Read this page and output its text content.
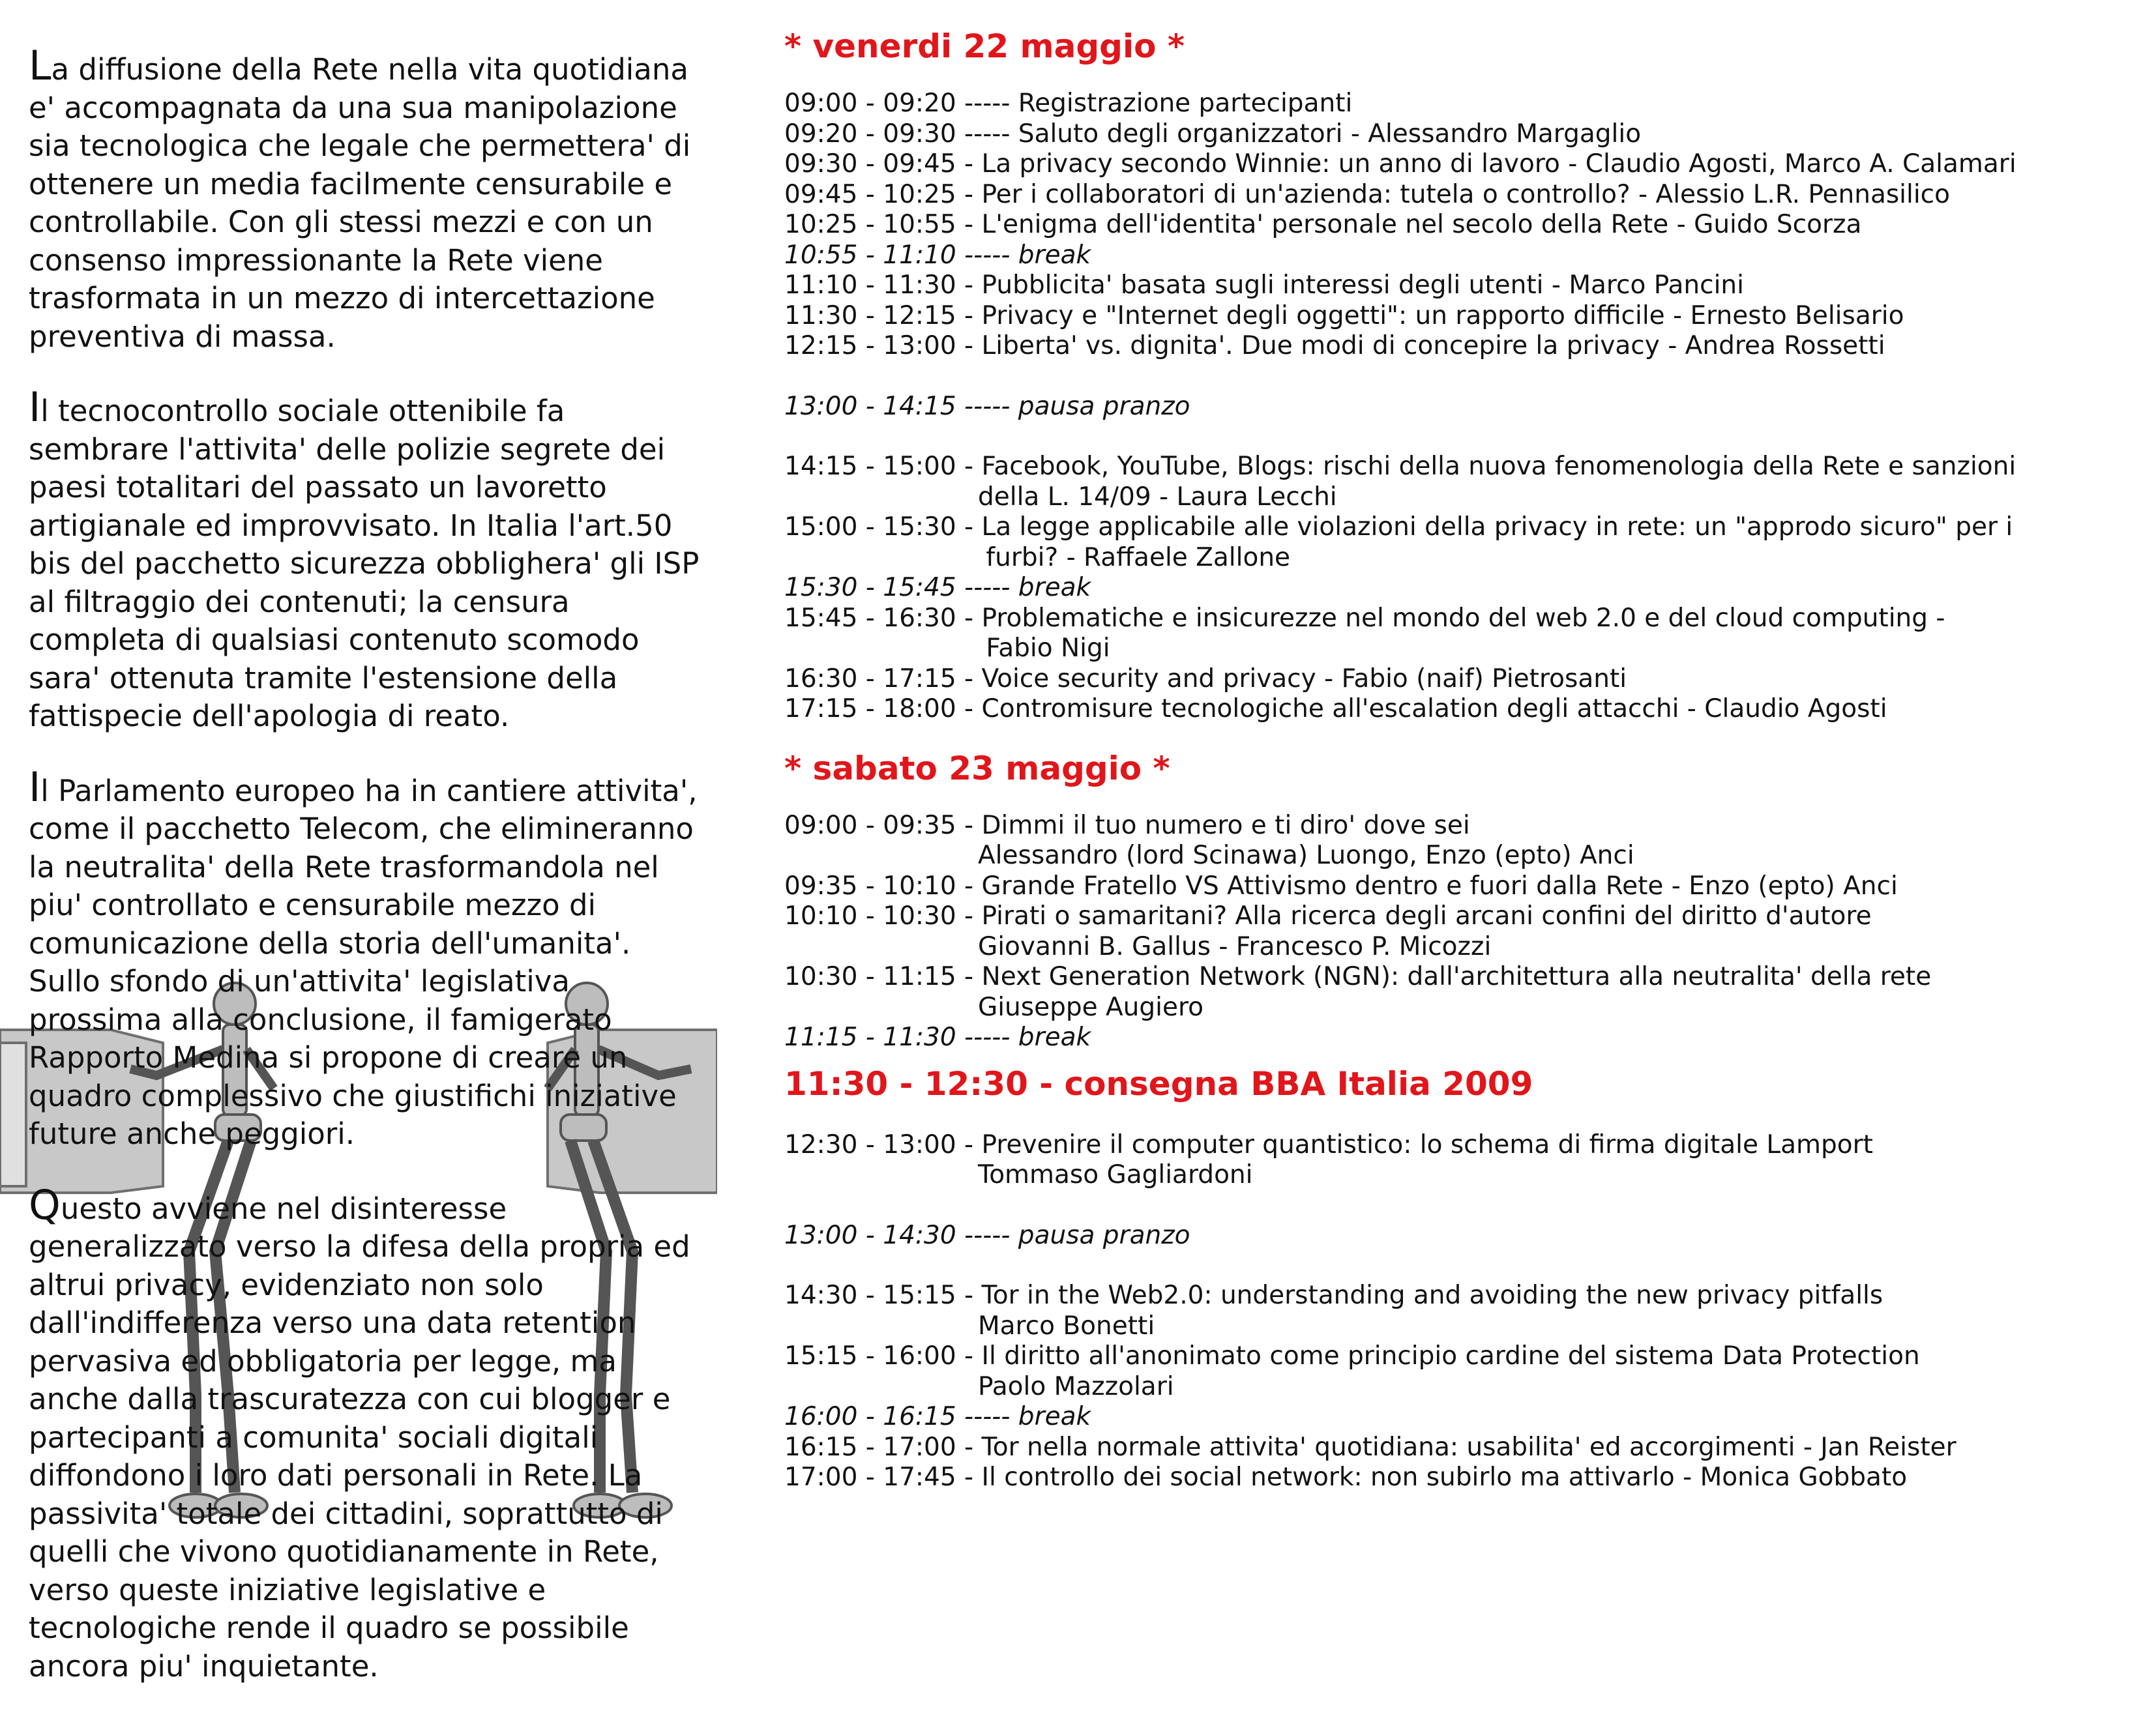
La diffusione della Rete nella vita quotidiana e' accompagnata da una sua manipolazione sia tecnologica che legale che permettera' di ottenere un media facilmente censurabile e controllabile. Con gli stessi mezzi e con un consenso impressionante la Rete viene trasformata in un mezzo di intercettazione preventiva di massa.

Il tecnocontrollo sociale ottenibile fa sembrare l'attivita' delle polizie segrete dei paesi totalitari del passato un lavoretto artigianale ed improvvisato. In Italia l'art.50 bis del pacchetto sicurezza obblighera' gli ISP al filtraggio dei contenuti; la censura completa di qualsiasi contenuto scomodo sara' ottenuta tramite l'estensione della fattispecie dell'apologia di reato.

Il Parlamento europeo ha in cantiere attivita', come il pacchetto Telecom, che elimineranno la neutralita' della Rete trasformandola nel piu' controllato e censurabile mezzo di comunicazione della storia dell'umanita'. Sullo sfondo di un'attivita' legislativa prossima alla conclusione, il famigerato Rapporto Medina si propone di creare un quadro complessivo che giustifichi iniziative future anche peggiori.

Questo avviene nel disinteresse generalizzato verso la difesa della propria ed altrui privacy, evidenziato non solo dall'indifferenza verso una data retention pervasiva ed obbligatoria per legge, ma anche dalla trascuratezza con cui blogger e partecipanti a comunita' sociali digitali diffondono i loro dati personali in Rete. La passivita' totale dei cittadini, soprattutto di quelli che vivono quotidianamente in Rete, verso queste iniziative legislative e tecnologiche rende il quadro se possibile ancora piu' inquietante.

* venerdi 22 maggio *
09:00 - 09:20 ----- Registrazione partecipanti
09:20 - 09:30 ----- Saluto degli organizzatori - Alessandro Margaglio
09:30 - 09:45 - La privacy secondo Winnie: un anno di lavoro - Claudio Agosti, Marco A. Calamari
09:45 - 10:25 - Per i collaboratori di un'azienda: tutela o controllo? - Alessio L.R. Pennasilico
10:25 - 10:55 - L'enigma dell'identita' personale nel secolo della Rete - Guido Scorza
10:55 - 11:10 ----- break
11:10 - 11:30 - Pubblicita' basata sugli interessi degli utenti - Marco Pancini
11:30 - 12:15 - Privacy e "Internet degli oggetti": un rapporto difficile - Ernesto Belisario
12:15 - 13:00 - Liberta' vs. dignita'. Due modi di concepire la privacy - Andrea Rossetti
13:00 - 14:15 ----- pausa pranzo
14:15 - 15:00 - Facebook, YouTube, Blogs: rischi della nuova fenomenologia della Rete e sanzioni
della L. 14/09 - Laura Lecchi
15:00 - 15:30 - La legge applicabile alle violazioni della privacy in rete: un "approdo sicuro" per i
furbi? - Raffaele Zallone
15:30 - 15:45 ----- break
15:45 - 16:30 - Problematiche e insicurezze nel mondo del web 2.0 e del cloud computing -
Fabio Nigi
16:30 - 17:15 - Voice security and privacy - Fabio (naif) Pietrosanti
17:15 - 18:00 - Contromisure tecnologiche all'escalation degli attacchi - Claudio Agosti
* sabato 23 maggio *
09:00 - 09:35 - Dimmi il tuo numero e ti diro' dove sei
Alessandro (lord Scinawa) Luongo, Enzo (epto) Anci
09:35 - 10:10 - Grande Fratello VS Attivismo dentro e fuori dalla Rete - Enzo (epto) Anci
10:10 - 10:30 - Pirati o samaritani? Alla ricerca degli arcani confini del diritto d'autore
Giovanni B. Gallus - Francesco P. Micozzi
10:30 - 11:15 - Next Generation Network (NGN): dall'architettura alla neutralita' della rete
Giuseppe Augiero
11:15 - 11:30 ----- break
11:30 - 12:30 - consegna BBA Italia 2009
12:30 - 13:00 - Prevenire il computer quantistico: lo schema di firma digitale Lamport
Tommaso Gagliardoni
13:00 - 14:30 ----- pausa pranzo
14:30 - 15:15 - Tor in the Web2.0: understanding and avoiding the new privacy pitfalls
Marco Bonetti
15:15 - 16:00 - Il diritto all'anonimato come principio cardine del sistema Data Protection
Paolo Mazzolari
16:00 - 16:15 ----- break
16:15 - 17:00 - Tor nella normale attivita' quotidiana: usabilita' ed accorgimenti - Jan Reister
17:00 - 17:45 - Il controllo dei social network: non subirlo ma attivarlo - Monica Gobbato
